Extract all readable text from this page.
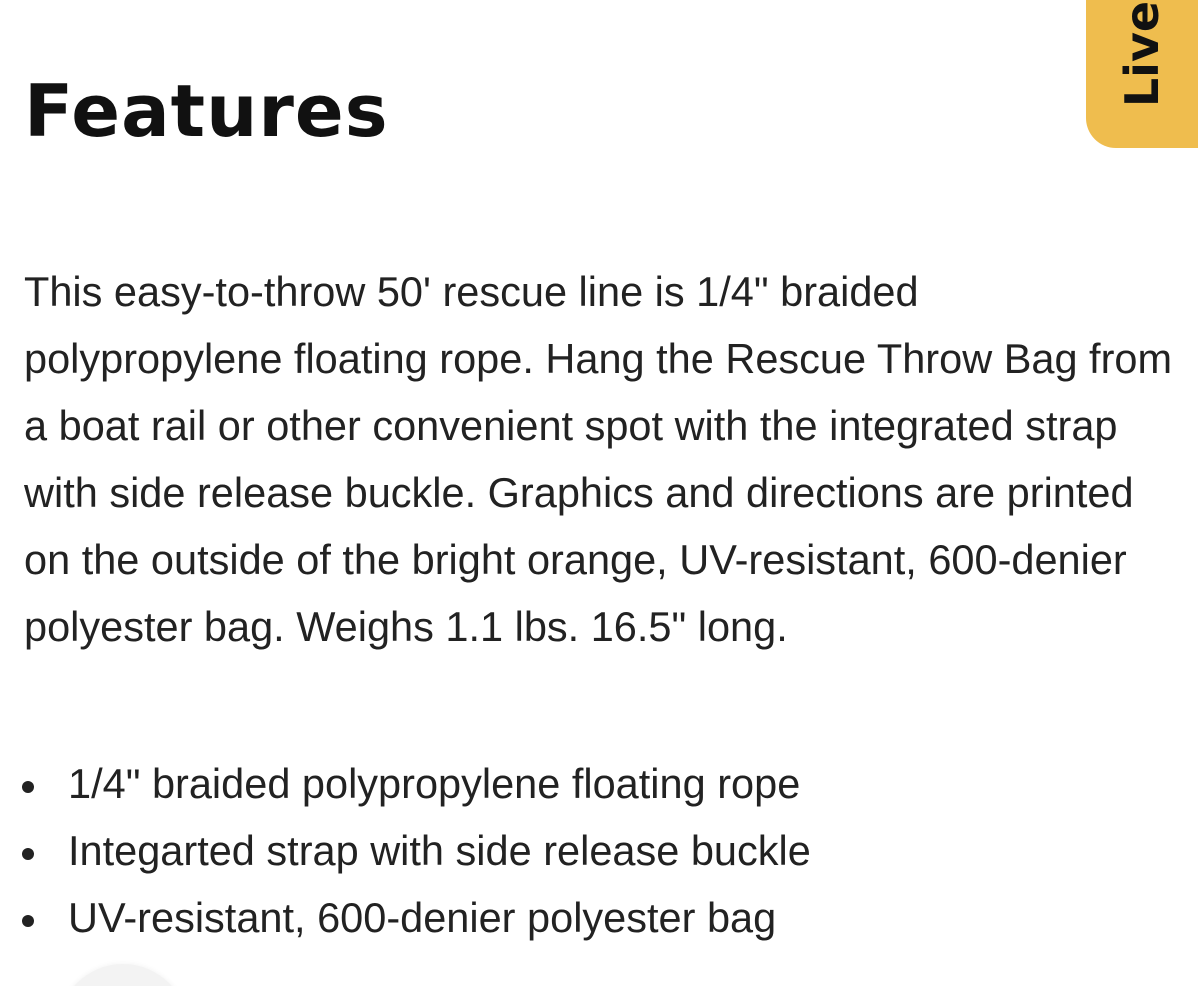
Features
Live

This easy-to-throw 50' rescue line is 1/4" braided polypropylene floating rope. Hang the Rescue Throw Bag from a boat rail or other convenient spot with the integrated strap with side release buckle. Graphics and directions are printed on the outside of the bright orange, UV-resistant, 600-denier polyester bag. Weighs 1.1 lbs. 16.5" long.

1/4" braided polypropylene floating rope
Integarted strap with side release buckle
UV-resistant, 600-denier polyester bag
